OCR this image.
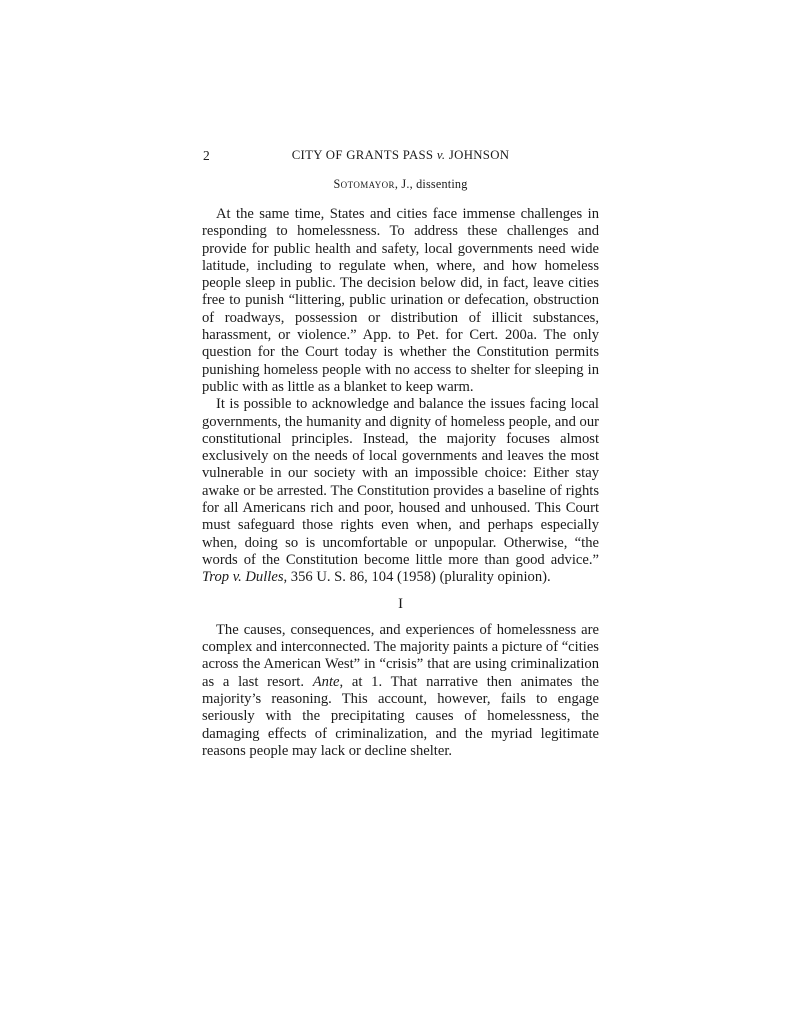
2	CITY OF GRANTS PASS v. JOHNSON
Sotomayor, J., dissenting

At the same time, States and cities face immense challenges in responding to homelessness. To address these challenges and provide for public health and safety, local governments need wide latitude, including to regulate when, where, and how homeless people sleep in public. The decision below did, in fact, leave cities free to punish “littering, public urination or defecation, obstruction of roadways, possession or distribution of illicit substances, harassment, or violence.” App. to Pet. for Cert. 200a. The only question for the Court today is whether the Constitution permits punishing homeless people with no access to shelter for sleeping in public with as little as a blanket to keep warm.

It is possible to acknowledge and balance the issues facing local governments, the humanity and dignity of homeless people, and our constitutional principles. Instead, the majority focuses almost exclusively on the needs of local governments and leaves the most vulnerable in our society with an impossible choice: Either stay awake or be arrested. The Constitution provides a baseline of rights for all Americans rich and poor, housed and unhoused. This Court must safeguard those rights even when, and perhaps especially when, doing so is uncomfortable or unpopular. Otherwise, “the words of the Constitution become little more than good advice.” Trop v. Dulles, 356 U. S. 86, 104 (1958) (plurality opinion).

I

The causes, consequences, and experiences of homelessness are complex and interconnected. The majority paints a picture of “cities across the American West” in “crisis” that are using criminalization as a last resort. Ante, at 1. That narrative then animates the majority’s reasoning. This account, however, fails to engage seriously with the precipitating causes of homelessness, the damaging effects of criminalization, and the myriad legitimate reasons people may lack or decline shelter.
